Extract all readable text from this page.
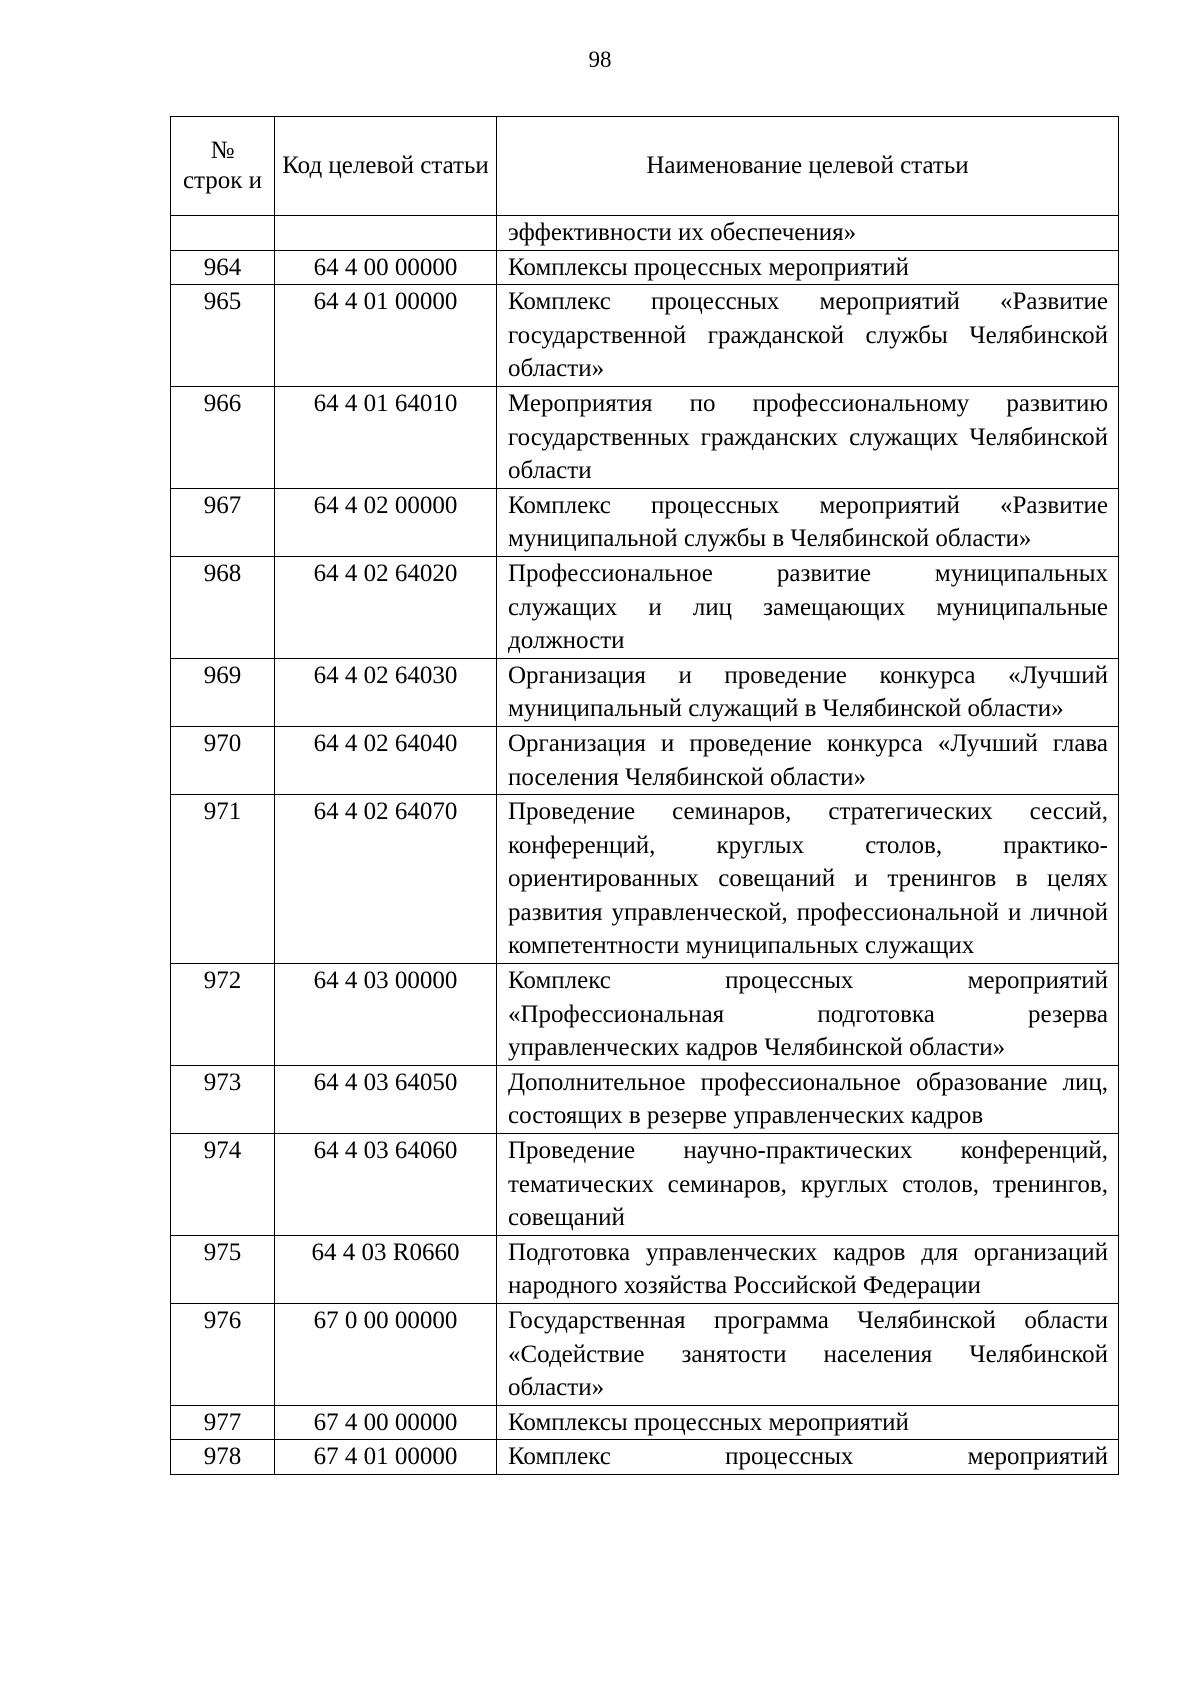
98
№ строк и	Код целевой статьи	Наименование целевой статьи
		эффективности их обеспечения»
964	64 4 00 00000	Комплексы процессных мероприятий
965	64 4 01 00000	Комплекс процессных мероприятий «Развитие государственной гражданской службы Челябинской области»
966	64 4 01 64010	Мероприятия по профессиональному развитию государственных гражданских служащих Челябинской области
967	64 4 02 00000	Комплекс процессных мероприятий «Развитие муниципальной службы в Челябинской области»
968	64 4 02 64020	Профессиональное развитие муниципальных служащих и лиц замещающих муниципальные должности
969	64 4 02 64030	Организация и проведение конкурса «Лучший муниципальный служащий в Челябинской области»
970	64 4 02 64040	Организация и проведение конкурса «Лучший глава поселения Челябинской области»
971	64 4 02 64070	Проведение семинаров, стратегических сессий, конференций, круглых столов, практико-ориентированных совещаний и тренингов в целях развития управленческой, профессиональной и личной компетентности муниципальных служащих
972	64 4 03 00000	Комплекс процессных мероприятий «Профессиональная подготовка резерва управленческих кадров Челябинской области»
973	64 4 03 64050	Дополнительное профессиональное образование лиц, состоящих в резерве управленческих кадров
974	64 4 03 64060	Проведение научно-практических конференций, тематических семинаров, круглых столов, тренингов, совещаний
975	64 4 03 R0660	Подготовка управленческих кадров для организаций народного хозяйства Российской Федерации
976	67 0 00 00000	Государственная программа Челябинской области «Содействие занятости населения Челябинской области»
977	67 4 00 00000	Комплексы процессных мероприятий
978	67 4 01 00000	Комплекс процессных мероприятий
